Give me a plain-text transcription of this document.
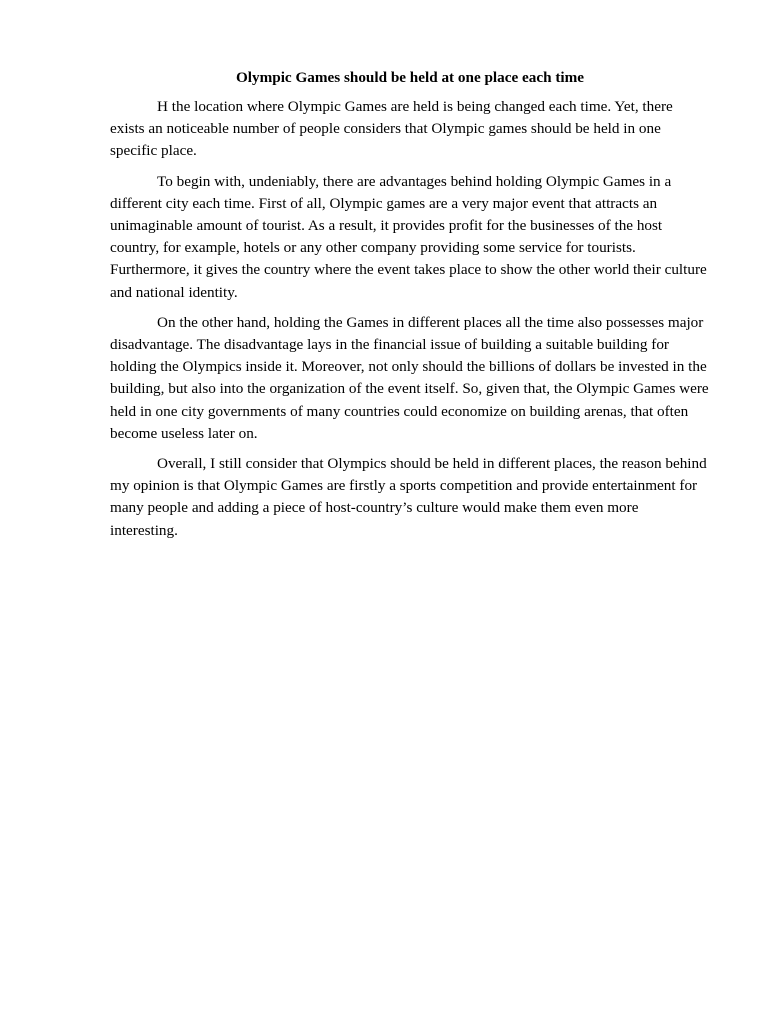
Olympic Games should be held at one place each time

H the location where Olympic Games are held is being changed each time. Yet, there exists an noticeable number of people considers that Olympic games should be held in one specific place.

To begin with, undeniably, there are advantages behind holding Olympic Games in a different city each time. First of all, Olympic games are a very major event that attracts an unimaginable amount of tourist. As a result, it provides profit for the businesses of the host country, for example, hotels or any other company providing some service for tourists. Furthermore, it gives the country where the event takes place to show the other world their culture and national identity.

On the other hand, holding the Games in different places all the time also possesses major disadvantage. The disadvantage lays in the financial issue of building a suitable building for holding the Olympics inside it. Moreover, not only should the billions of dollars be invested in the building, but also into the organization of the event itself. So, given that, the Olympic Games were held in one city governments of many countries could economize on building arenas, that often become useless later on.

Overall, I still consider that Olympics should be held in different places, the reason behind my opinion is that Olympic Games are firstly a sports competition and provide entertainment for many people and adding a piece of host-country’s culture would make them even more interesting.
